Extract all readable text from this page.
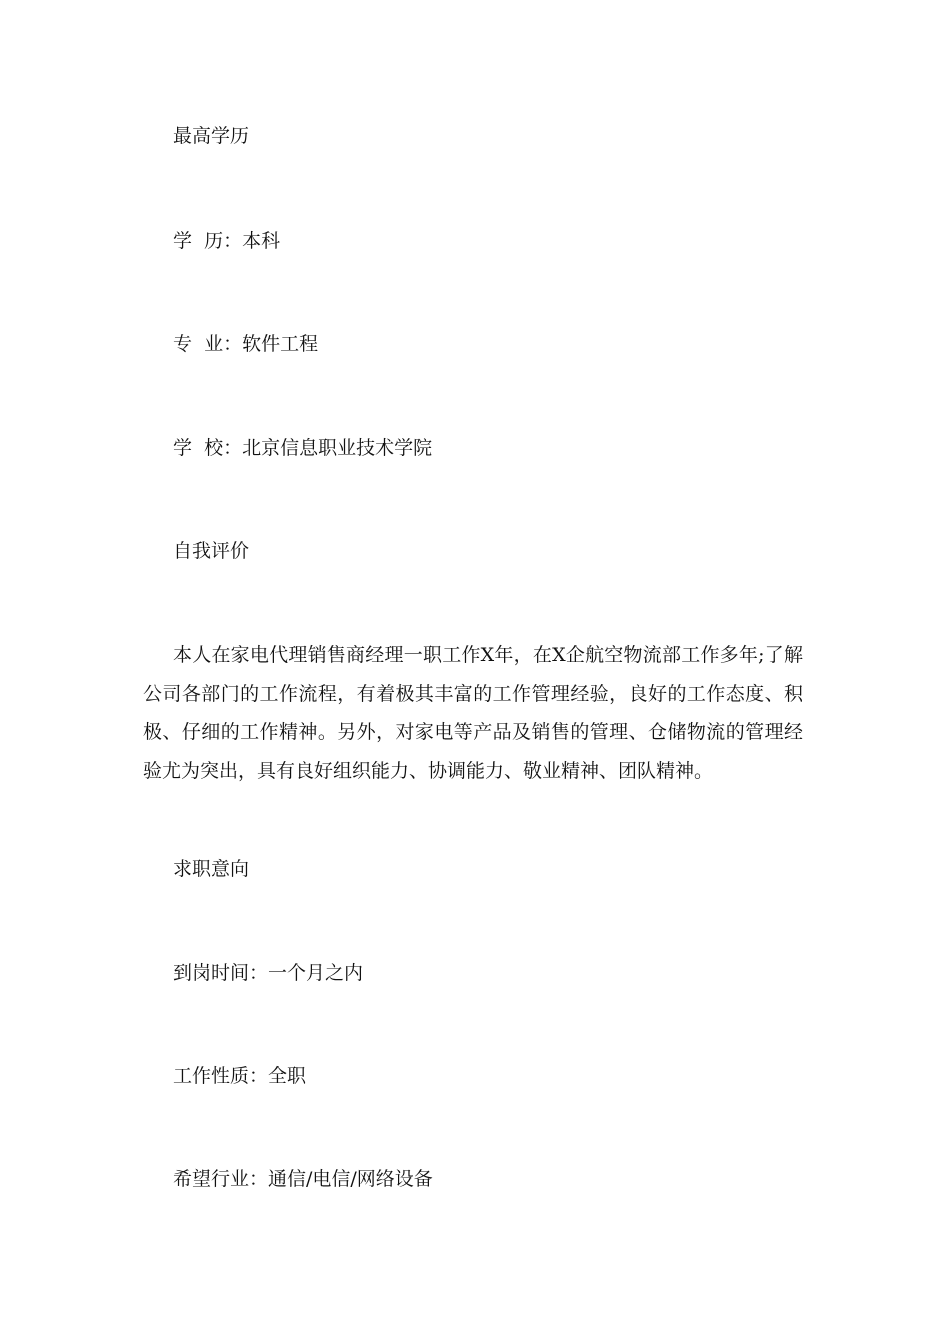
最高学历
学  历：本科
专  业：软件工程
学  校：北京信息职业技术学院
自我评价
本人在家电代理销售商经理一职工作X年，在X企航空物流部工作多年;了解公司各部门的工作流程，有着极其丰富的工作管理经验，良好的工作态度、积极、仔细的工作精神。另外，对家电等产品及销售的管理、仓储物流的管理经验尤为突出，具有良好组织能力、协调能力、敬业精神、团队精神。
求职意向
到岗时间：一个月之内
工作性质：全职
希望行业：通信/电信/网络设备
